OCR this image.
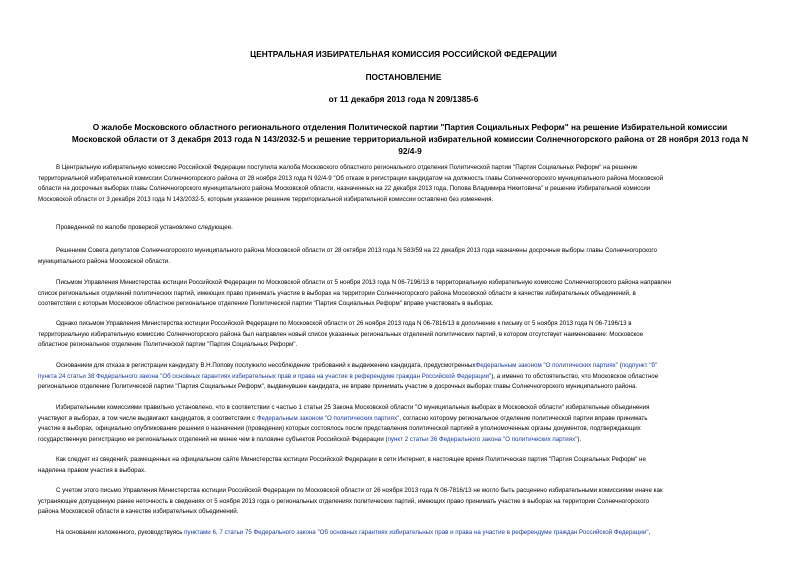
ЦЕНТРАЛЬНАЯ ИЗБИРАТЕЛЬНАЯ КОМИССИЯ РОССИЙСКОЙ ФЕДЕРАЦИИ
ПОСТАНОВЛЕНИЕ
от 11 декабря 2013 года N 209/1385-6
О жалобе Московского областного регионального отделения Политической партии "Партия Социальных Реформ" на решение Избирательной комиссии
Московской области от 3 декабря 2013 года N 143/2032-5 и решение территориальной избирательной комиссии Солнечногорского района от 28 ноября 2013 года N
92/4-9
В Центральную избирательную комиссию Российской Федерации поступила жалоба Московского областного регионального отделения Политической партии "Партия Социальных Реформ" на решение
территориальной избирательной комиссии Солнечногорского района от 28 ноября 2013 года N 92/4-9 "Об отказе в регистрации кандидатом на должность главы Солнечногорского муниципального района Московской
области на досрочных выборах главы Солнечногорского муниципального района Московской области, назначенных на 22 декабря 2013 года, Попова Владимира Никитовича" и решение Избирательной комиссии
Московской области от 3 декабря 2013 года N 143/2032-5, которым указанное решение территориальной избирательной комиссии оставлено без изменения.
Проведенной по жалобе проверкой установлено следующее.
Решением Совета депутатов Солнечногорского муниципального района Московской области от 28 октября 2013 года N 583/59 на 22 декабря 2013 года назначены досрочные выборы главы Солнечногорского
муниципального района Московской области.
Письмом Управления Министерства юстиции Российской Федерации по Московской области от 5 ноября 2013 года N 06-7196/13 в территориальную избирательную комиссию Солнечногорского района направлен
список региональных отделений политических партий, имеющих право принимать участие в выборах на территории Солнечногорского района Московской области в качестве избирательных объединений, в
соответствии с которым Московское областное региональное отделение Политической партии "Партия Социальных Реформ" вправе участвовать в выборах.
Однако письмом Управления Министерства юстиции Российской Федерации по Московской области от 26 ноября 2013 года N 06-7816/13 в дополнение к письму от 5 ноября 2013 года N 06-7196/13 в
территориальную избирательную комиссию Солнечногорского района был направлен новый список указанных региональных отделений политических партий, в котором отсутствует наименование: Московское
областное региональное отделение Политической партии "Партия Социальных Реформ".
Основанием для отказа в регистрации кандидату В.Н.Попову послужило несоблюдение требований к выдвижению кандидата, предусмотренныхФедеральным законом "О политических партиях" (подпункт "б"
пункта 24 статьи 38 Федерального закона "Об основных гарантиях избирательных прав и права на участие в референдуме граждан Российской Федерации"), а именно то обстоятельство, что Московское областное
региональное отделение Политической партии "Партия Социальных Реформ", выдвинувшее кандидата, не вправе принимать участие в досрочных выборах главы Солнечногорского муниципального района.
Избирательными комиссиями правильно установлено, что в соответствии с частью 1 статьи 25 Закона Московской области "О муниципальных выборах в Московской области" избирательные объединения
участвуют в выборах, в том числе выдвигают кандидатов, в соответствии с Федеральным законом "О политических партиях", согласно которому региональное отделение политической партии вправе принимать
участие в выборах, официально опубликование решения о назначении (проведении) которых состоялось после представления политической партией в уполномоченные органы документов, подтверждающих
государственную регистрацию ее региональных отделений не менее чем в половине субъектов Российской Федерации (пункт 2 статьи 36 Федерального закона "О политических партиях").
Как следует из сведений, размещенных на официальном сайте Министерства юстиции Российской Федерации в сети Интернет, в настоящее время Политическая партия "Партия Социальных Реформ" не
наделена правом участия в выборах.
С учетом этого письмо Управления Министерства юстиции Российской Федерации по Московской области от 26 ноября 2013 года N 06-7816/13 не могло быть расценено избирательными комиссиями иначе как
устраняющее допущенную ранее неточность в сведениях от 5 ноября 2013 года о региональных отделениях политических партий, имеющих право принимать участие в выборах на территории Солнечногорского
района Московской области в качестве избирательных объединений.
На основании изложенного, руководствуясь пунктами 6, 7 статьи 75 Федерального закона "Об основных гарантиях избирательных прав и права на участие в референдуме граждан Российской Федерации",
